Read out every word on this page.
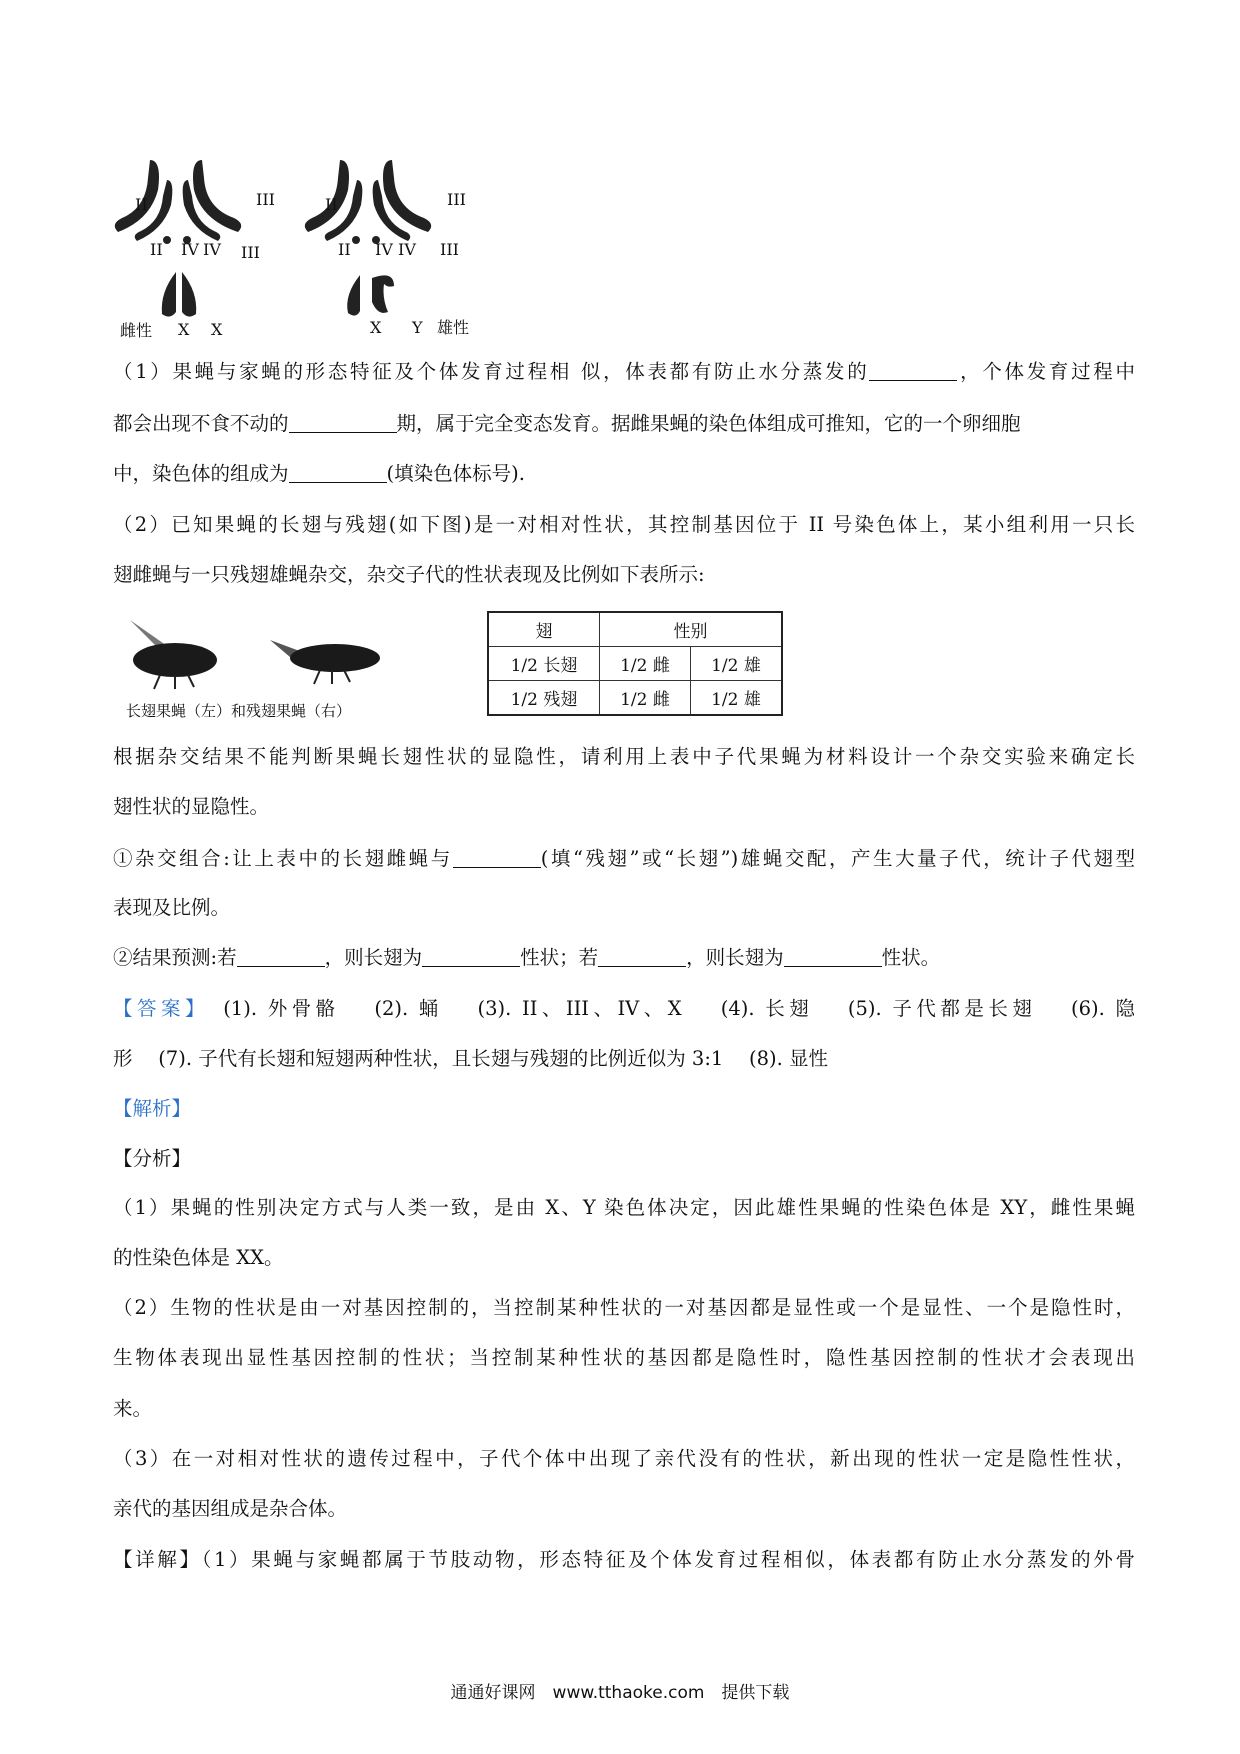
II	III
II IV IV III
雌性 X X
II	III
II IV IV III
X Y 雄性
（1）果蝇与家蝇的形态特征及个体发育过程相 似，体表都有防止水分蒸发的	，个体发育过程中
都会出现不食不动的	期，属于完全变态发育。据雌果蝇的染色体组成可推知，它的一个卵细胞
中，染色体的组成为	(填染色体标号).
（2）已知果蝇的长翅与残翅(如下图)是一对相对性状，其控制基因位于 II 号染色体上，某小组利用一只长
翅雌蝇与一只残翅雄蝇杂交，杂交子代的性状表现及比例如下表所示:
长翅果蝇（左）和残翅果蝇（右）
翅	性别	
1/2 长翅	1/2 雌	1/2 雄
1/2 残翅	1/2 雌	1/2 雄
根据杂交结果不能判断果蝇长翅性状的显隐性，请利用上表中子代果蝇为材料设计一个杂交实验来确定长
翅性状的显隐性。
①杂交组合:让上表中的长翅雌蝇与	(填“残翅”或“长翅”)雄蝇交配，产生大量子代，统计子代翅型
表现及比例。
②结果预测:若	，则长翅为	性状；若	，则长翅为	性状。
【答案】　 (1). 外骨骼　 (2). 蛹　 (3). II、III、IV、X　 (4). 长翅　 (5). 子代都是长翅　 (6). 隐
形　 (7). 子代有长翅和短翅两种性状，且长翅与残翅的比例近似为 3:1　 (8). 显性
【解析】
【分析】
（1）果蝇的性别决定方式与人类一致，是由 X、Y 染色体决定，因此雄性果蝇的性染色体是 XY，雌性果蝇
的性染色体是 XX。
（2）生物的性状是由一对基因控制的，当控制某种性状的一对基因都是显性或一个是显性、一个是隐性时，
生物体表现出显性基因控制的性状；当控制某种性状的基因都是隐性时，隐性基因控制的性状才会表现出
来。
（3）在一对相对性状的遗传过程中，子代个体中出现了亲代没有的性状，新出现的性状一定是隐性性状，
亲代的基因组成是杂合体。
【详解】（1）果蝇与家蝇都属于节肢动物，形态特征及个体发育过程相似，体表都有防止水分蒸发的外骨
通通好课网　www.tthaoke.com　提供下载
